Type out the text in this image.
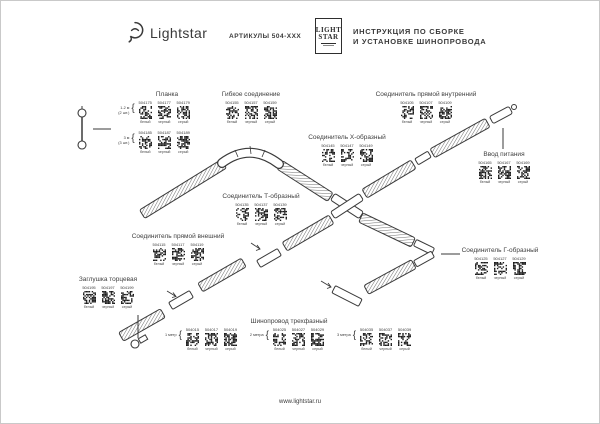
Lightstar	АРТИКУЛЫ 504-XXX
LIGHT
STAR
ИНСТРУКЦИЯ ПО СБОРКЕ
И УСТАНОВКЕ ШИНОПРОВОДА
Планка
1-2 м
(2 шт.) {
504175
белый
504177
черный
504179
серый
3 м
(3 шт.) {
504185
белый
504187
черный
504189
серый
Гибкое соединение
504155
белый
504157
черный
504159
серый
Соединитель прямой внутренний
504105
белый
504107
черный
504109
серый
Соединитель Х-образный
504145
белый
504147
черный
504149
серый
Соединитель Т-образный
504135
белый
504137
черный
504139
серый
Соединитель прямой внешний
504115
белый
504117
черный
504119
серый
Заглушка торцевая
504195
белый
504197
черный
504199
серый
Ввод питания
504165
белый
504167
черный
504169
серый
Соединитель Г-образный
504125
белый
504127
черный
504129
серый
Шинопровод трехфазный
1 метр {
504015
белый
504017
черный
504019
серый
2 метра {
504025
белый
504027
черный
504029
серый
3 метра {
504035
белый
504037
черный
504039
серый
www.lightstar.ru
